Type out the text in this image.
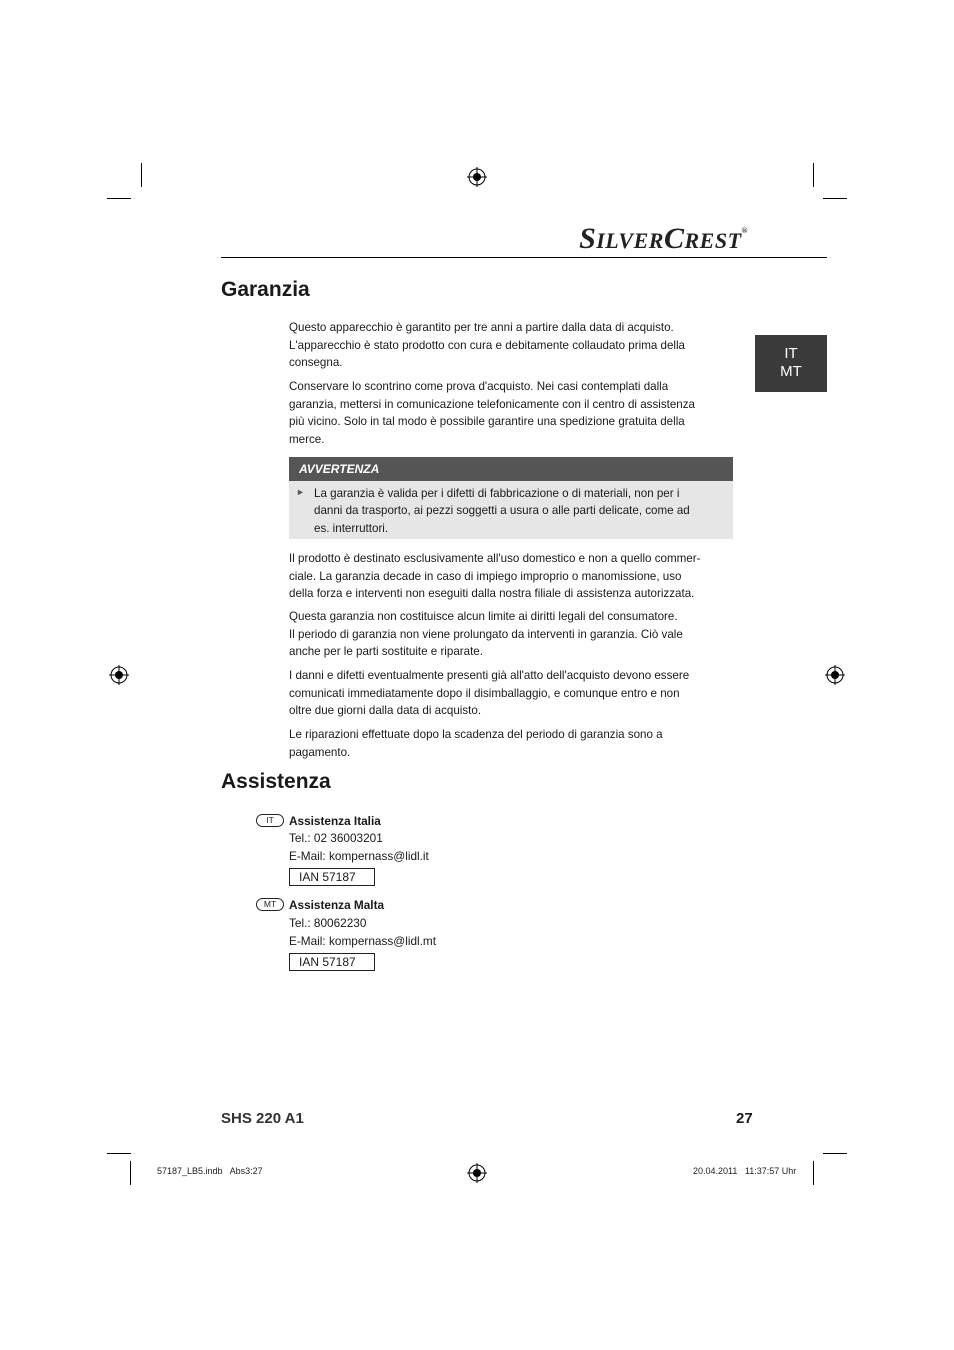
SILVERCREST®
IT
MT
Garanzia
Questo apparecchio è garantito per tre anni a partire dalla data di acquisto.
L'apparecchio è stato prodotto con cura e debitamente collaudato prima della
consegna.
Conservare lo scontrino come prova d'acquisto. Nei casi contemplati dalla
garanzia, mettersi in comunicazione telefonicamente con il centro di assistenza
più vicino. Solo in tal modo è possibile garantire una spedizione gratuita della
merce.
AVVERTENZA
► La garanzia è valida per i difetti di fabbricazione o di materiali, non per i
danni da trasporto, ai pezzi soggetti a usura o alle parti delicate, come ad
es. interruttori.
Il prodotto è destinato esclusivamente all'uso domestico e non a quello commer-
ciale. La garanzia decade in caso di impiego improprio o manomissione, uso
della forza e interventi non eseguiti dalla nostra filiale di assistenza autorizzata.
Questa garanzia non costituisce alcun limite ai diritti legali del consumatore.
Il periodo di garanzia non viene prolungato da interventi in garanzia. Ciò vale
anche per le parti sostituite e riparate.
I danni e difetti eventualmente presenti già all'atto dell'acquisto devono essere
comunicati immediatamente dopo il disimballaggio, e comunque entro e non
oltre due giorni dalla data di acquisto.
Le riparazioni effettuate dopo la scadenza del periodo di garanzia sono a
pagamento.
Assistenza
IT	Assistenza Italia
Tel.: 02 36003201
E-Mail: kompernass@lidl.it
IAN 57187
MT	Assistenza Malta
Tel.: 80062230
E-Mail: kompernass@lidl.mt
IAN 57187
SHS 220 A1	27
57187_LB5.indb   Abs3:27	20.04.2011   11:37:57 Uhr
